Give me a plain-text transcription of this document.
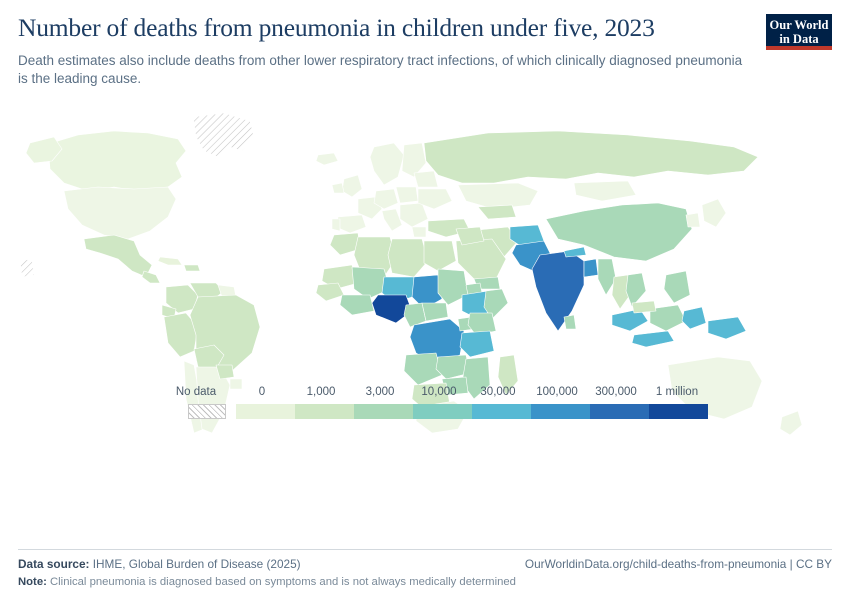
Number of deaths from pneumonia in children under five, 2023

Death estimates also include deaths from other lower respiratory tract infections, of which clinically diagnosed pneumonia is the leading cause.

Our World
in Data
No data	0	1,000	3,000 10,000 30,000 100,000 300,000 1 million
Data source: IHME, Global Burden of Disease (2025)	OurWorldinData.org/child-deaths-from-pneumonia | CC BY
Note: Clinical pneumonia is diagnosed based on symptoms and is not always medically determined
